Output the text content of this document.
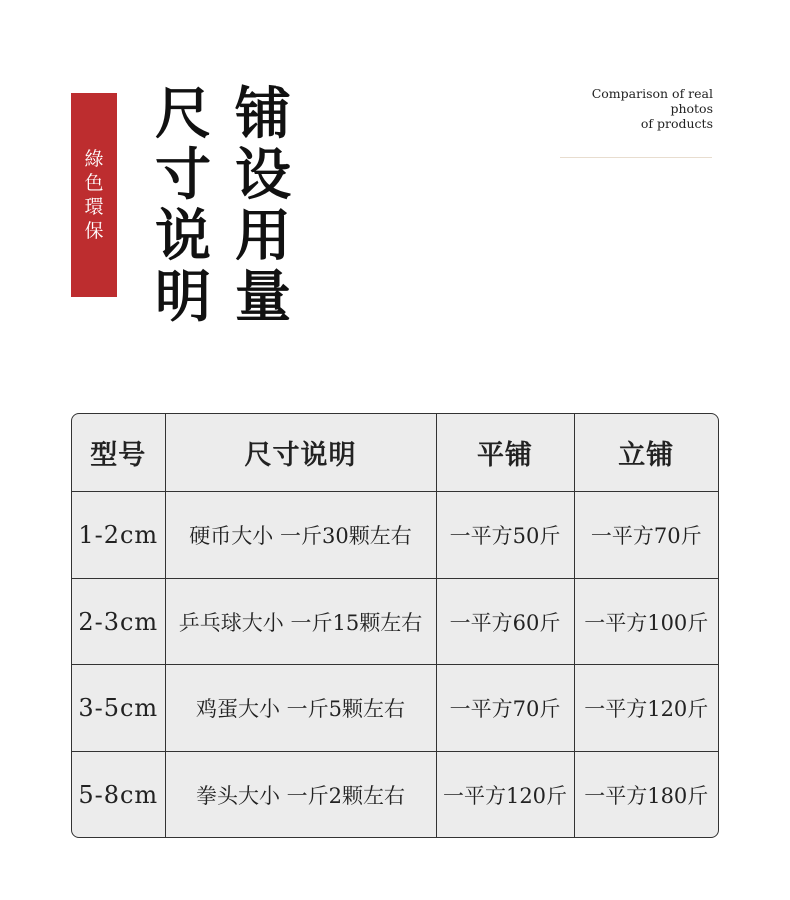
綠
色
環
保
尺
寸
说
明
铺
设
用
量
Comparison of real
photos
of products
型号	尺寸说明	平铺	立铺
1-2cm	硬币大小 一斤30颗左右	一平方50斤	一平方70斤
2-3cm	乒乓球大小 一斤15颗左右	一平方60斤	一平方100斤
3-5cm	鸡蛋大小 一斤5颗左右	一平方70斤	一平方120斤
5-8cm	拳头大小 一斤2颗左右	一平方120斤	一平方180斤
